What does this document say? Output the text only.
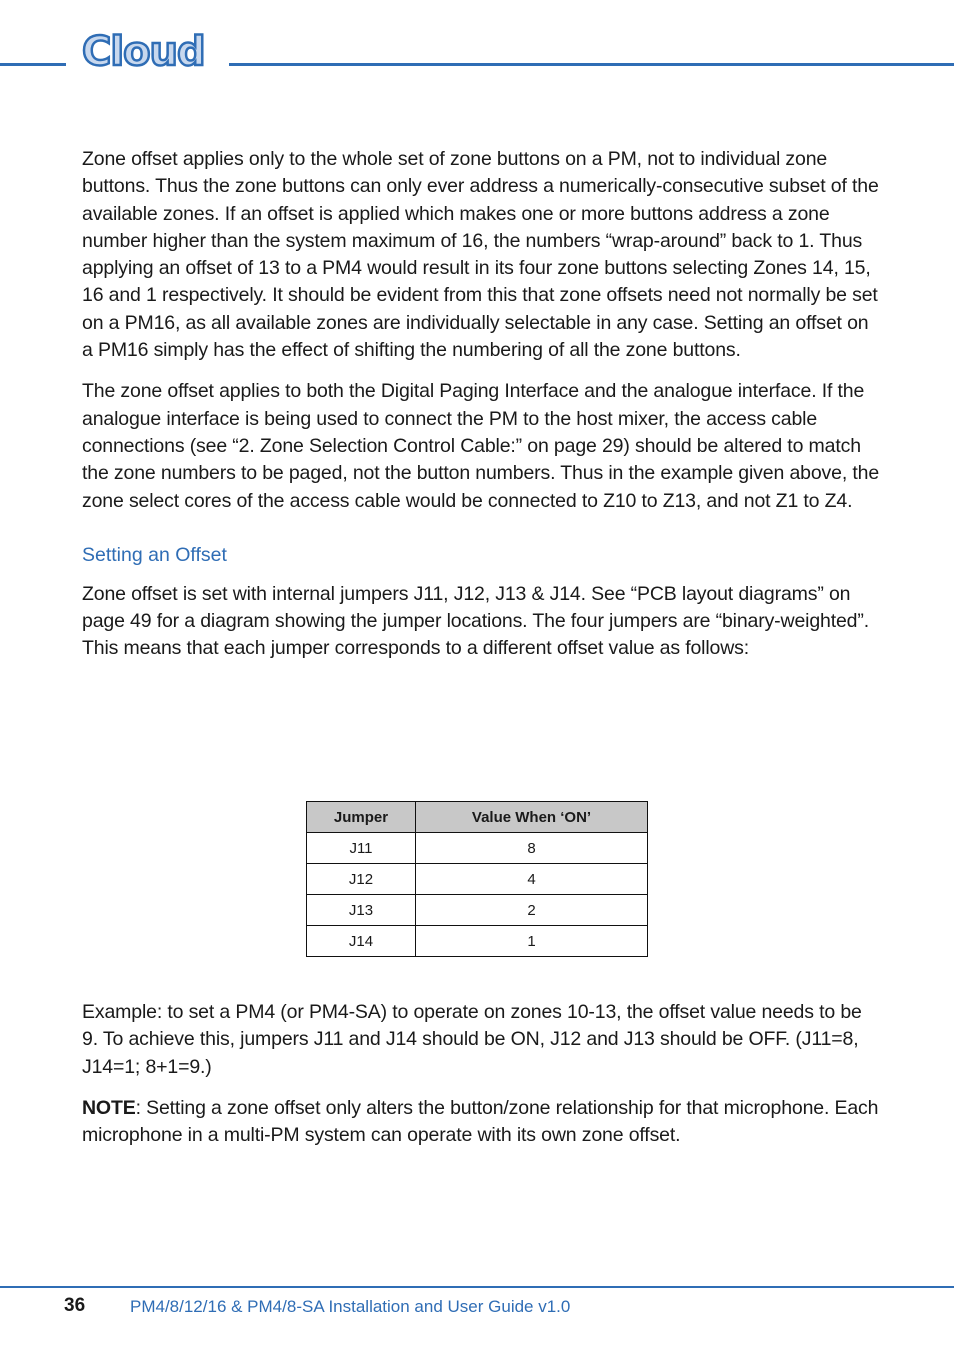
Cloud

Zone offset applies only to the whole set of zone buttons on a PM, not to individual zone buttons. Thus the zone buttons can only ever address a numerically-consecutive subset of the available zones. If an offset is applied which makes one or more buttons address a zone number higher than the system maximum of 16, the numbers “wrap-around” back to 1. Thus applying an offset of 13 to a PM4 would result in its four zone buttons selecting Zones 14, 15, 16 and 1 respectively. It should be evident from this that zone offsets need not normally be set on a PM16, as all available zones are individually selectable in any case. Setting an offset on a PM16 simply has the effect of shifting the numbering of all the zone buttons.

The zone offset applies to both the Digital Paging Interface and the analogue interface. If the analogue interface is being used to connect the PM to the host mixer, the access cable connections (see “2. Zone Selection Control Cable:” on page 29) should be altered to match the zone numbers to be paged, not the button numbers. Thus in the example given above, the zone select cores of the access cable would be connected to Z10 to Z13, and not Z1 to Z4.

Setting an Offset

Zone offset is set with internal jumpers J11, J12, J13 & J14. See “PCB layout diagrams” on page 49 for a diagram showing the jumper locations. The four jumpers are “binary-weighted”. This means that each jumper corresponds to a different offset value as follows:

Jumper	Value When ‘ON’
J11	8
J12	4
J13	2
J14	1

Example: to set a PM4 (or PM4-SA) to operate on zones 10-13, the offset value needs to be 9. To achieve this, jumpers J11 and J14 should be ON, J12 and J13 should be OFF. (J11=8, J14=1; 8+1=9.)

NOTE: Setting a zone offset only alters the button/zone relationship for that microphone. Each microphone in a multi-PM system can operate with its own zone offset.

36	PM4/8/12/16 & PM4/8-SA Installation and User Guide v1.0
